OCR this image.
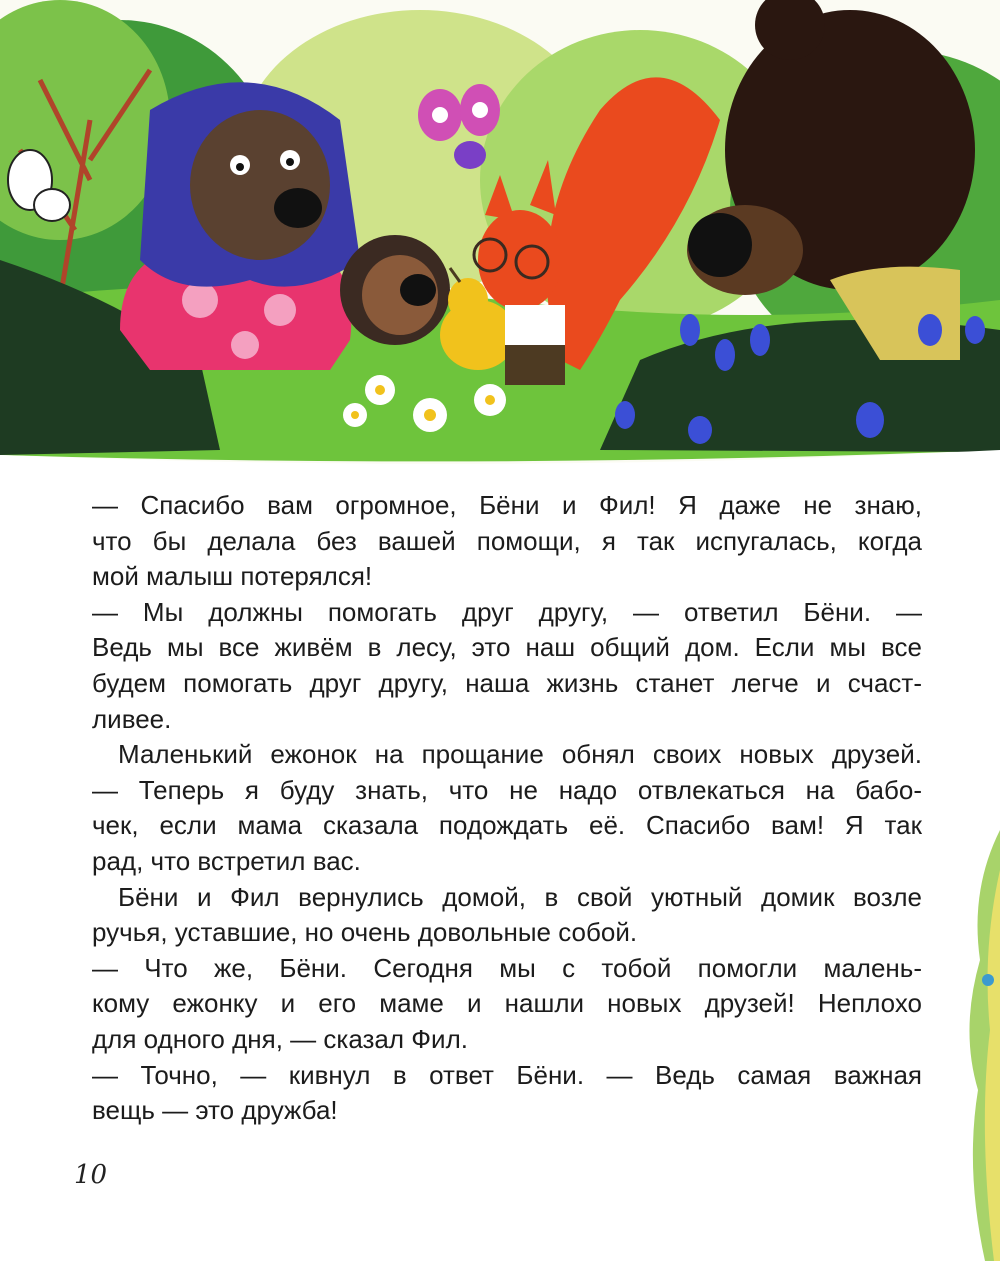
— Спасибо вам огромное, Бёни и Фил! Я даже не знаю,
что бы делала без вашей помощи, я так испугалась, когда
мой малыш потерялся!
— Мы должны помогать друг другу, — ответил Бёни. —
Ведь мы все живём в лесу, это наш общий дом. Если мы все
будем помогать друг другу, наша жизнь станет легче и счаст-
ливее.
Маленький ежонок на прощание обнял своих новых друзей.
— Теперь я буду знать, что не надо отвлекаться на бабо-
чек, если мама сказала подождать её. Спасибо вам! Я так
рад, что встретил вас.
Бёни и Фил вернулись домой, в свой уютный домик возле
ручья, уставшие, но очень довольные собой.
— Что же, Бёни. Сегодня мы с тобой помогли малень-
кому ежонку и его маме и нашли новых друзей! Неплохо
для одного дня, — сказал Фил.
— Точно, — кивнул в ответ Бёни. — Ведь самая важная
вещь — это дружба!
10
